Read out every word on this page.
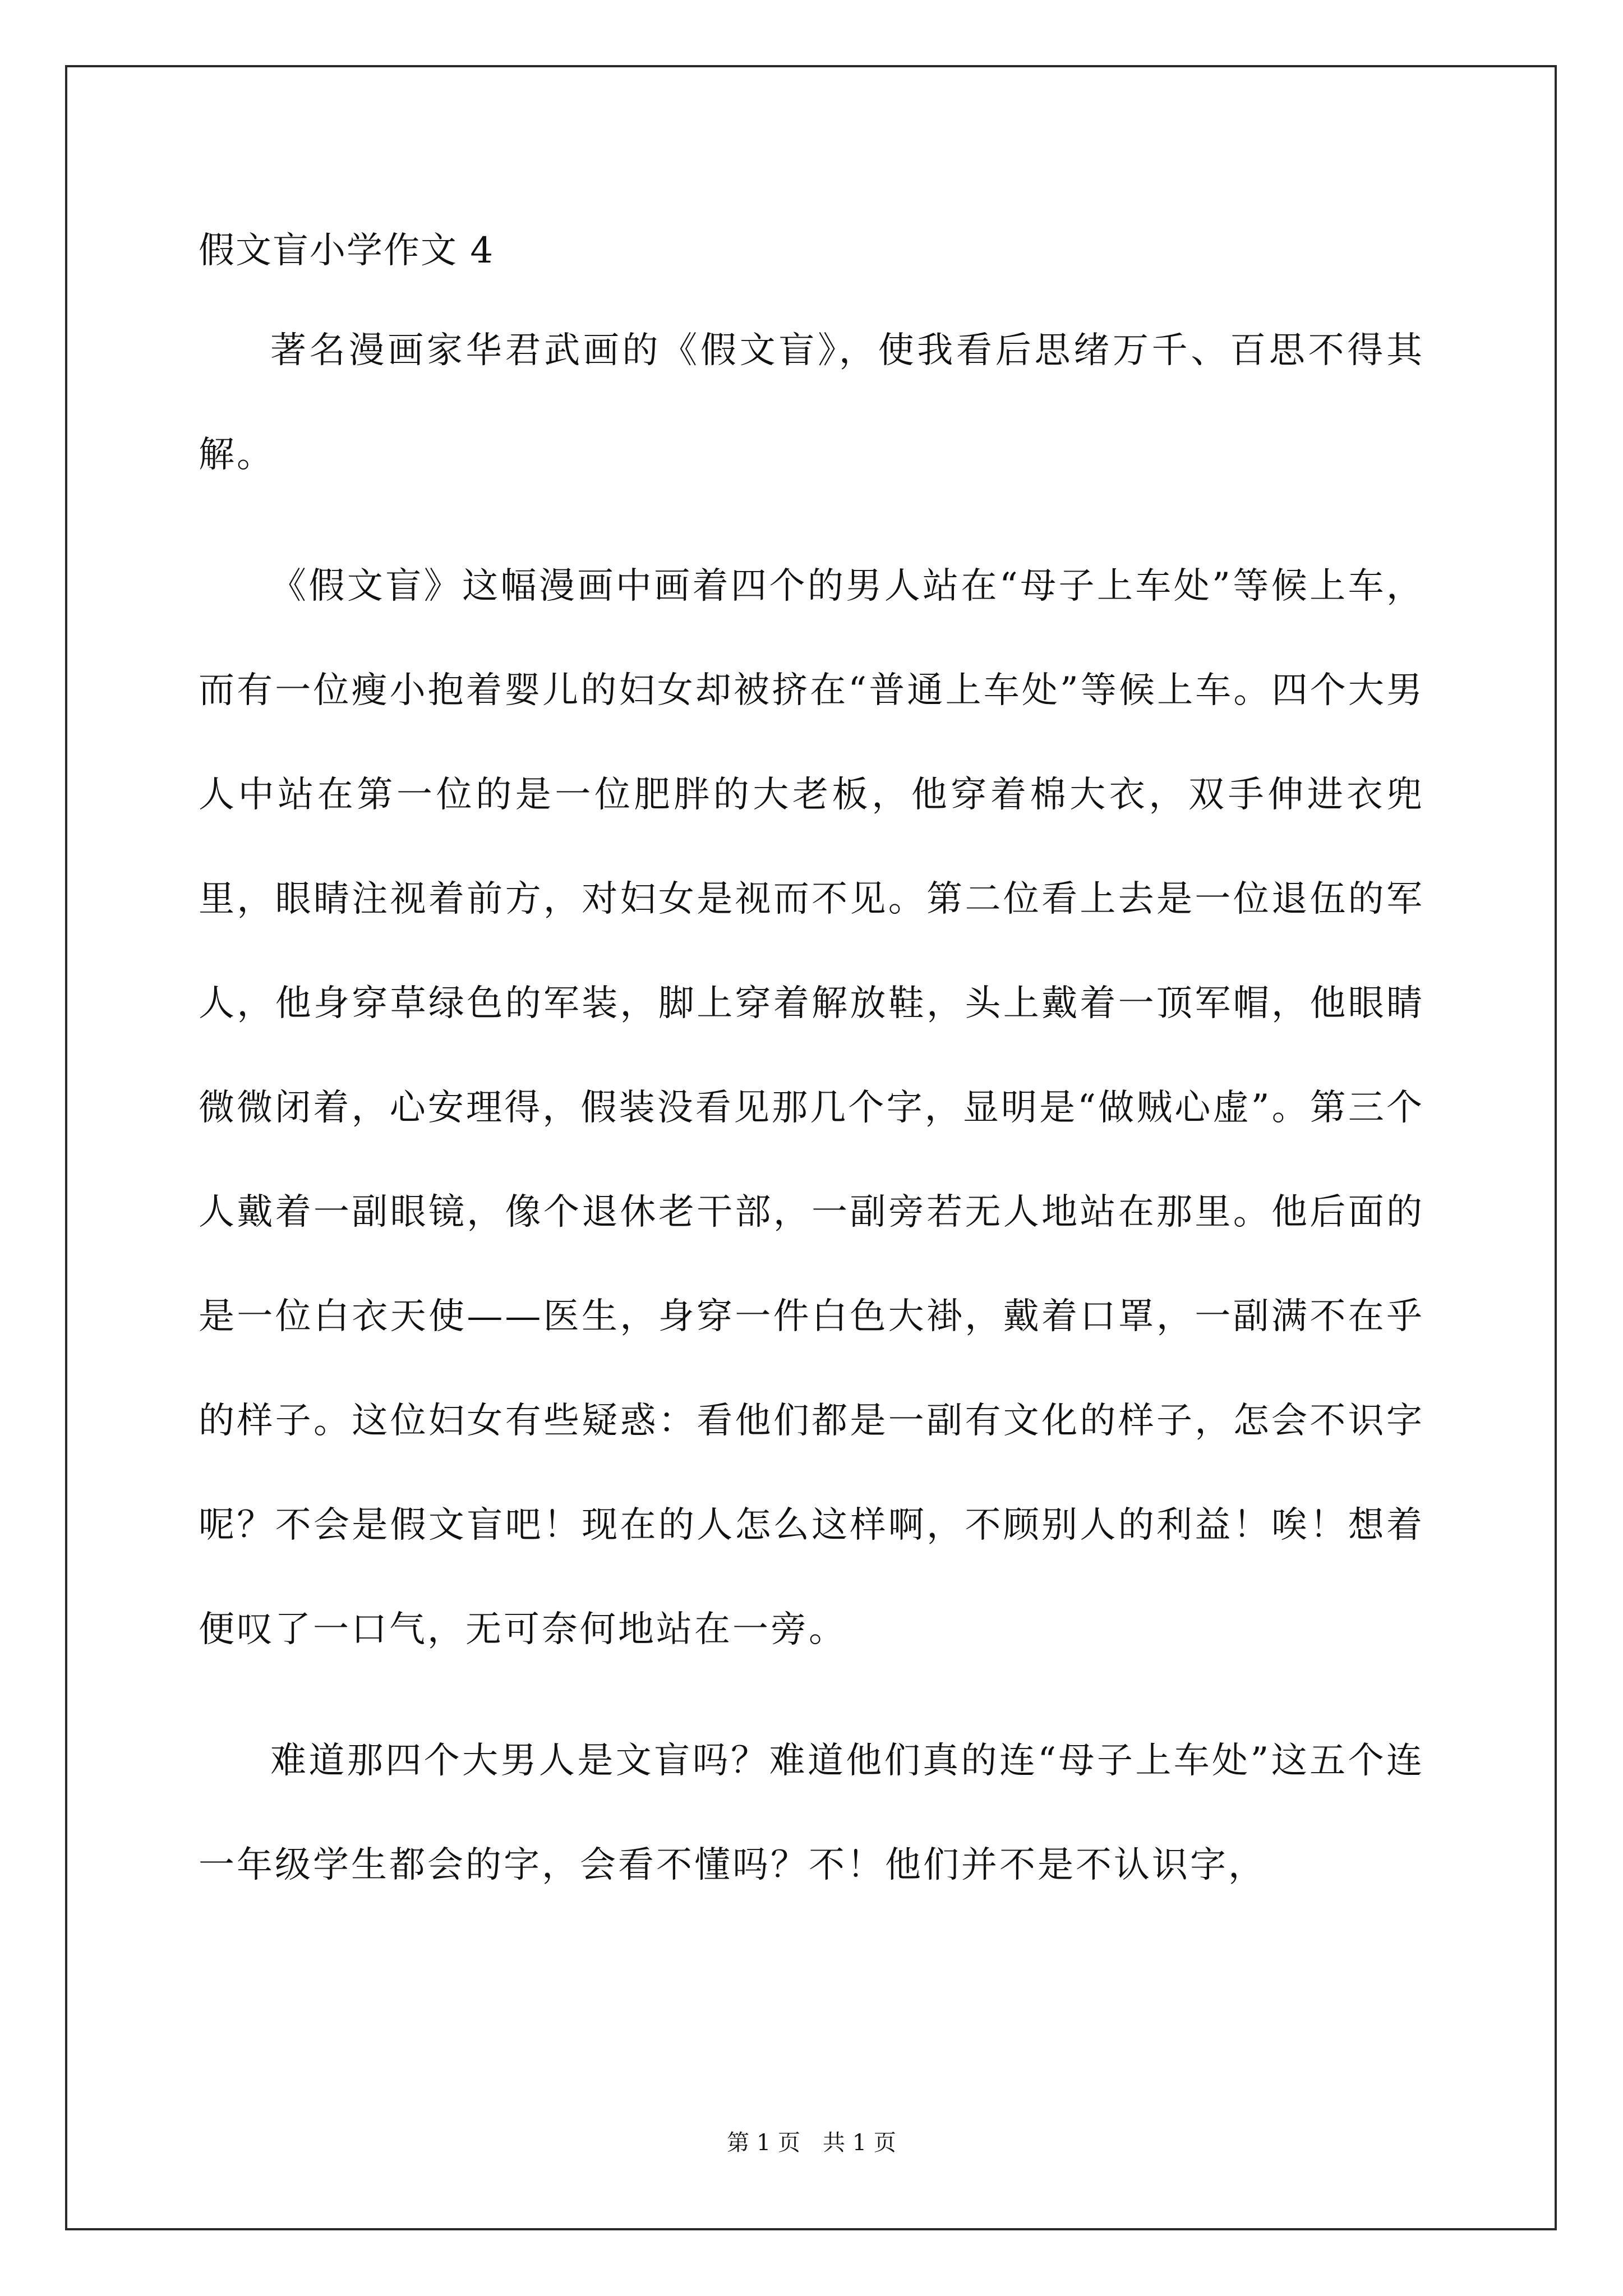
假文盲小学作文 4

著名漫画家华君武画的《假文盲》，使我看后思绪万千、百思不得其解。

《假文盲》这幅漫画中画着四个的男人站在“母子上车处”等候上车，而有一位瘦小抱着婴儿的妇女却被挤在“普通上车处”等候上车。四个大男人中站在第一位的是一位肥胖的大老板，他穿着棉大衣，双手伸进衣兜里，眼睛注视着前方，对妇女是视而不见。第二位看上去是一位退伍的军人，他身穿草绿色的军装，脚上穿着解放鞋，头上戴着一顶军帽，他眼睛微微闭着，心安理得，假装没看见那几个字，显明是“做贼心虚”。第三个人戴着一副眼镜，像个退休老干部，一副旁若无人地站在那里。他后面的是一位白衣天使——医生，身穿一件白色大褂，戴着口罩，一副满不在乎的样子。这位妇女有些疑惑：看他们都是一副有文化的样子，怎会不识字呢？不会是假文盲吧！现在的人怎么这样啊，不顾别人的利益！唉！想着便叹了一口气，无可奈何地站在一旁。

难道那四个大男人是文盲吗？难道他们真的连“母子上车处”这五个连一年级学生都会的字，会看不懂吗？不！他们并不是不认识字，

第 1 页　共 1 页
